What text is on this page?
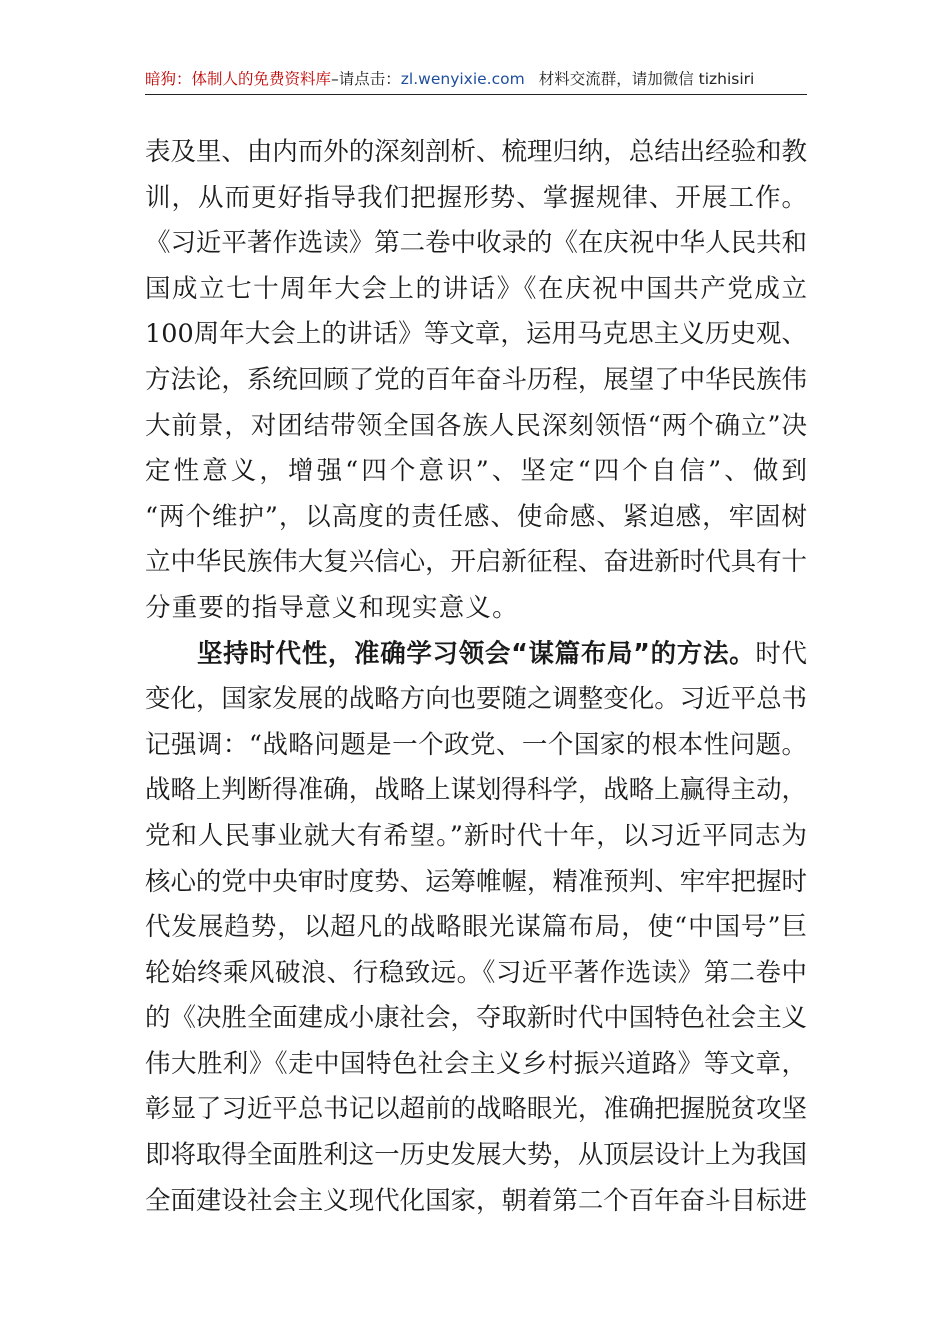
暗狗：体制人的免费资料库–请点击：zl.wenyixie.com 材料交流群，请加微信 tizhisiri
表及里、由内而外的深刻剖析、梳理归纳，总结出经验和教
训，从而更好指导我们把握形势、掌握规律、开展工作。
《习近平著作选读》第二卷中收录的《在庆祝中华人民共和
国成立七十周年大会上的讲话》《在庆祝中国共产党成立
100周年大会上的讲话》等文章，运用马克思主义历史观、
方法论，系统回顾了党的百年奋斗历程，展望了中华民族伟
大前景，对团结带领全国各族人民深刻领悟“两个确立”决
定性意义，增强“四个意识”、坚定“四个自信”、做到
“两个维护”，以高度的责任感、使命感、紧迫感，牢固树
立中华民族伟大复兴信心，开启新征程、奋进新时代具有十
分重要的指导意义和现实意义。
坚持时代性，准确学习领会“谋篇布局”的方法。时代
变化，国家发展的战略方向也要随之调整变化。习近平总书
记强调：“战略问题是一个政党、一个国家的根本性问题。
战略上判断得准确，战略上谋划得科学，战略上赢得主动，
党和人民事业就大有希望。”新时代十年，以习近平同志为
核心的党中央审时度势、运筹帷幄，精准预判、牢牢把握时
代发展趋势，以超凡的战略眼光谋篇布局，使“中国号”巨
轮始终乘风破浪、行稳致远。《习近平著作选读》第二卷中
的《决胜全面建成小康社会，夺取新时代中国特色社会主义
伟大胜利》《走中国特色社会主义乡村振兴道路》等文章，
彰显了习近平总书记以超前的战略眼光，准确把握脱贫攻坚
即将取得全面胜利这一历史发展大势，从顶层设计上为我国
全面建设社会主义现代化国家，朝着第二个百年奋斗目标进
